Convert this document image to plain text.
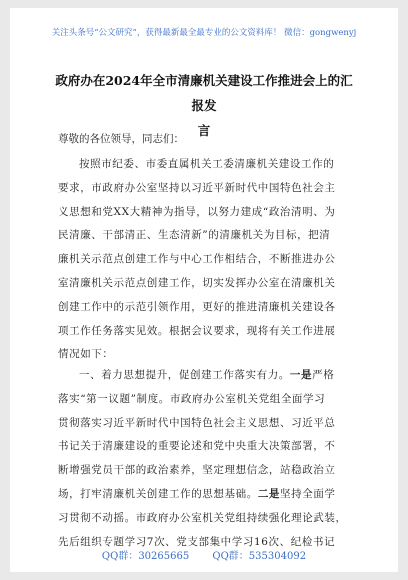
关注头条号“公文研究”，获得最新最全最专业的公文资料库！ 微信：gongwenyj
政府办在2024年全市清廉机关建设工作推进会上的汇报发
言
尊敬的各位领导，同志们：
按照市纪委、市委直属机关工委清廉机关建设工作的
要求，市政府办公室坚持以习近平新时代中国特色社会主
义思想和党XX大精神为指导，以努力建成“政治清明、为
民清廉、干部清正、生态清新”的清廉机关为目标，把清
廉机关示范点创建工作与中心工作相结合，不断推进办公
室清廉机关示范点创建工作，切实发挥办公室在清廉机关
创建工作中的示范引领作用，更好的推进清廉机关建设各
项工作任务落实见效。根据会议要求，现将有关工作进展
情况如下：
一、着力思想提升，促创建工作落实有力。一是严格
落实“第一议题”制度。市政府办公室机关党组全面学习
贯彻落实习近平新时代中国特色社会主义思想、习近平总
书记关于清廉建设的重要论述和党中央重大决策部署，不
断增强党员干部的政治素养，坚定理想信念，站稳政治立
场，打牢清廉机关创建工作的思想基础。二是坚持全面学
习贯彻不动摇。市政府办公室机关党组持续强化理论武装，
先后组织专题学习7次、党支部集中学习16次、纪检书记
QQ群：30265665 QQ群：535304092
